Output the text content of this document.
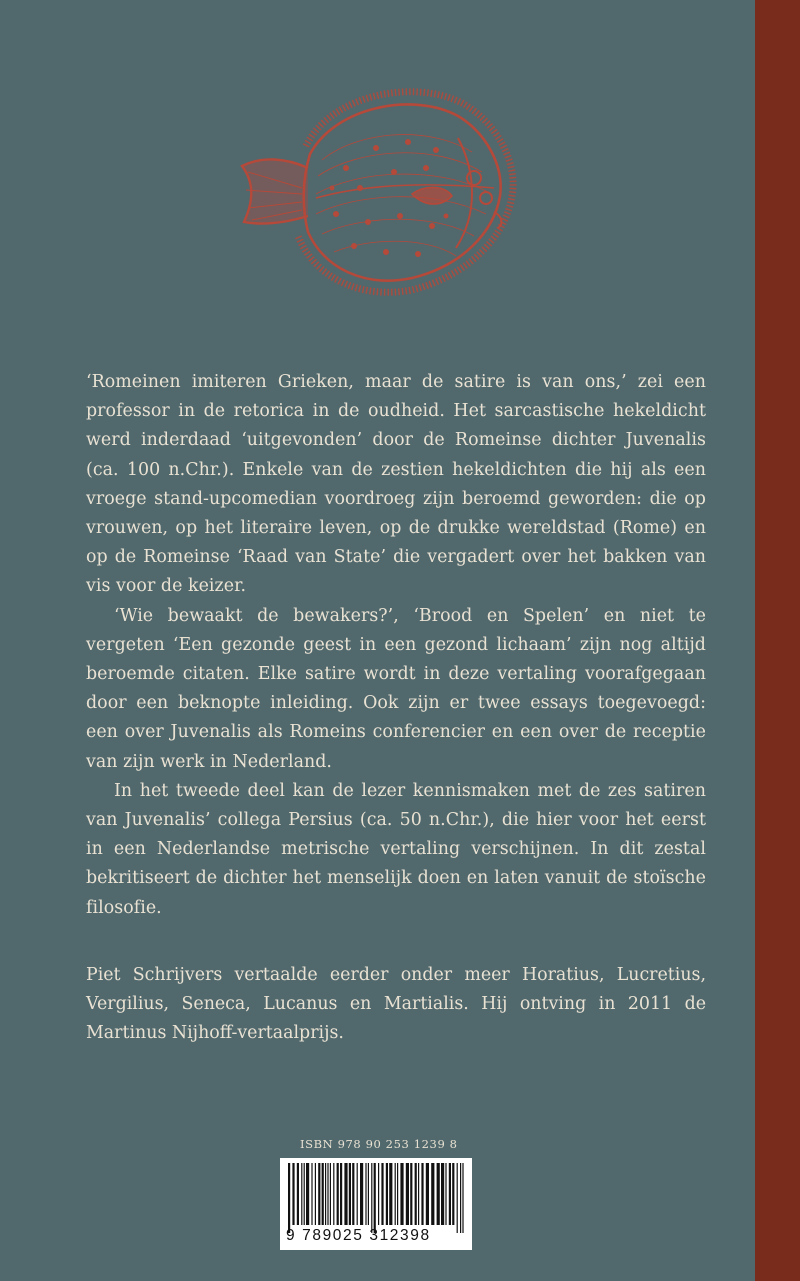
‘Romeinen imiteren Grieken, maar de satire is van ons,’ zei een professor in de retorica in de oudheid. Het sarcastische hekeldicht werd inderdaad ‘uitgevonden’ door de Romeinse dichter Juvenalis (ca. 100 n.Chr.). Enkele van de zestien hekeldichten die hij als een vroege stand-upcomedian voordroeg zijn beroemd geworden: die op vrouwen, op het literaire leven, op de drukke wereldstad (Rome) en op de Romeinse ‘Raad van State’ die vergadert over het bakken van vis voor de keizer.

‘Wie bewaakt de bewakers?’, ‘Brood en Spelen’ en niet te vergeten ‘Een gezonde geest in een gezond lichaam’ zijn nog altijd beroemde citaten. Elke satire wordt in deze vertaling voorafgegaan door een beknopte inleiding. Ook zijn er twee essays toegevoegd: een over Juvenalis als Romeins conferencier en een over de receptie van zijn werk in Nederland.

In het tweede deel kan de lezer kennismaken met de zes satiren van Juvenalis’ collega Persius (ca. 50 n.Chr.), die hier voor het eerst in een Nederlandse metrische vertaling verschijnen. In dit zestal bekritiseert de dichter het menselijk doen en laten vanuit de stoïsche filosofie.

Piet Schrijvers vertaalde eerder onder meer Horatius, Lucretius, Vergilius, Seneca, Lucanus en Martialis. Hij ontving in 2011 de Martinus Nijhoff-vertaalprijs.

ISBN 978 90 253 1239 8
9 789025 312398
